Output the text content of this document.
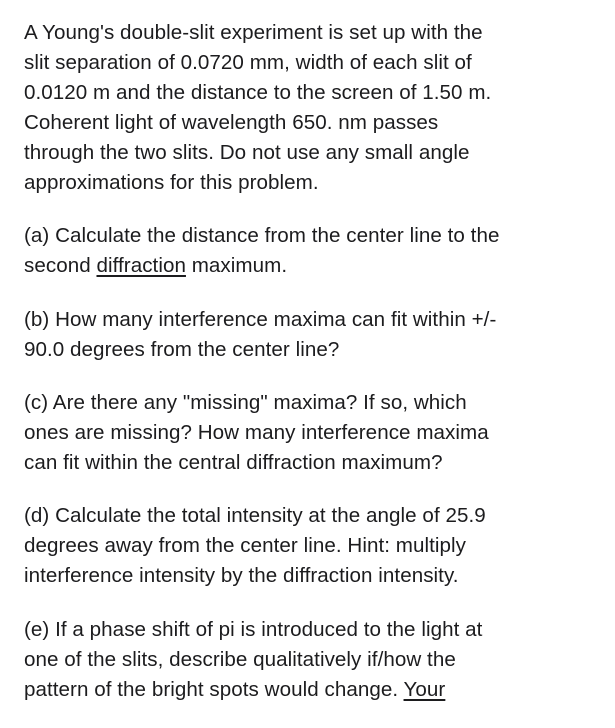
A Young's double-slit experiment is set up with the
slit separation of 0.0720 mm, width of each slit of
0.0120 m and the distance to the screen of 1.50 m.
Coherent light of wavelength 650. nm passes
through the two slits. Do not use any small angle
approximations for this problem.
(a) Calculate the distance from the center line to the
second diffraction maximum.
(b) How many interference maxima can fit within +/-
90.0 degrees from the center line?
(c) Are there any "missing" maxima? If so, which
ones are missing? How many interference maxima
can fit within the central diffraction maximum?
(d) Calculate the total intensity at the angle of 25.9
degrees away from the center line. Hint: multiply
interference intensity by the diffraction intensity.
(e) If a phase shift of pi is introduced to the light at
one of the slits, describe qualitatively if/how the
pattern of the bright spots would change. Your
